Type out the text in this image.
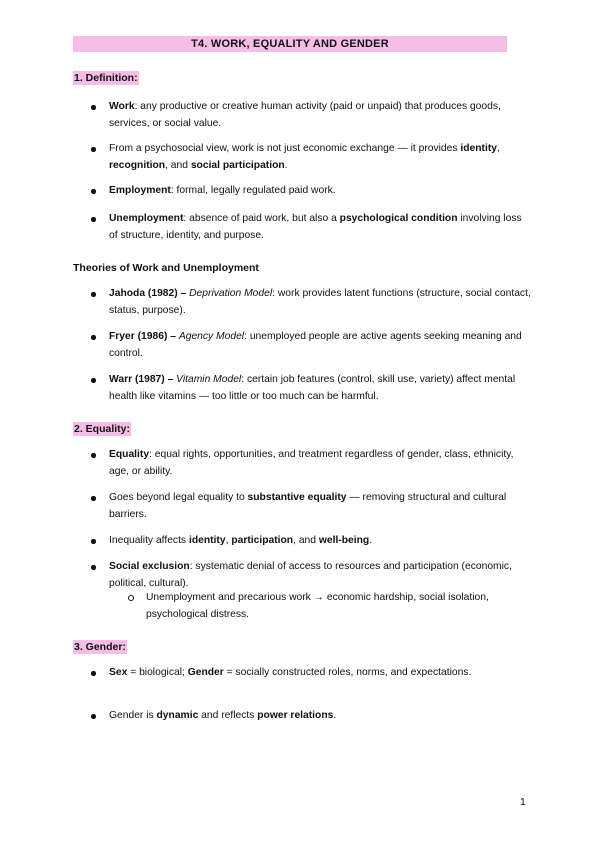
T4. WORK, EQUALITY AND GENDER
1. Definition:
Work: any productive or creative human activity (paid or unpaid) that produces goods, services, or social value.
From a psychosocial view, work is not just economic exchange — it provides identity, recognition, and social participation.
Employment: formal, legally regulated paid work.
Unemployment: absence of paid work, but also a psychological condition involving loss of structure, identity, and purpose.
Theories of Work and Unemployment
Jahoda (1982) – Deprivation Model: work provides latent functions (structure, social contact, status, purpose).
Fryer (1986) – Agency Model: unemployed people are active agents seeking meaning and control.
Warr (1987) – Vitamin Model: certain job features (control, skill use, variety) affect mental health like vitamins — too little or too much can be harmful.
2. Equality:
Equality: equal rights, opportunities, and treatment regardless of gender, class, ethnicity, age, or ability.
Goes beyond legal equality to substantive equality — removing structural and cultural barriers.
Inequality affects identity, participation, and well-being.
Social exclusion: systematic denial of access to resources and participation (economic, political, cultural).
Unemployment and precarious work → economic hardship, social isolation, psychological distress.
3. Gender:
Sex = biological; Gender = socially constructed roles, norms, and expectations.
Gender is dynamic and reflects power relations.
1
